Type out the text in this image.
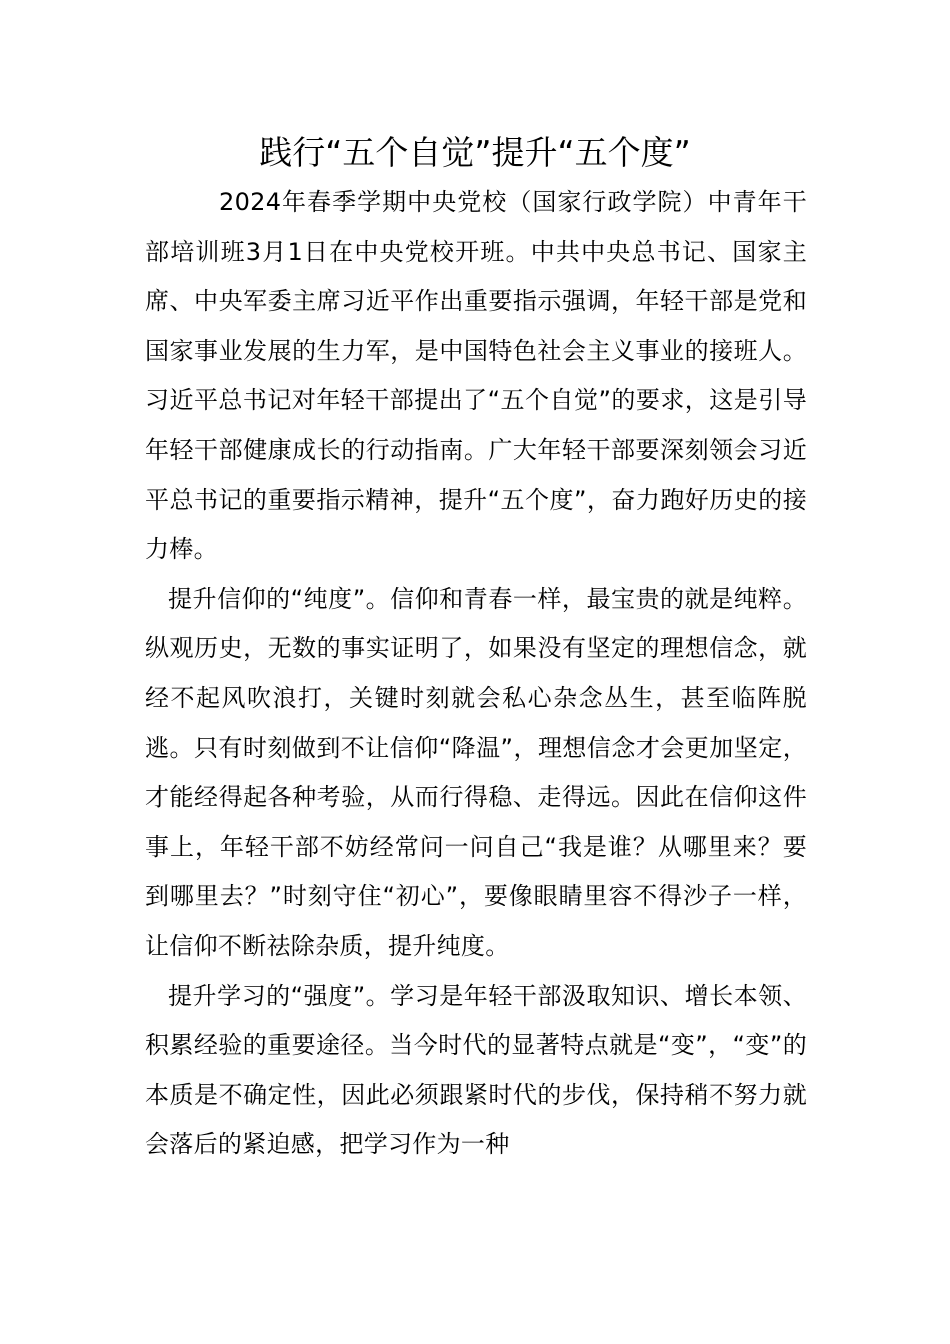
践行“五个自觉”提升“五个度”

2024年春季学期中央党校（国家行政学院）中青年干部培训班3月1日在中央党校开班。中共中央总书记、国家主席、中央军委主席习近平作出重要指示强调，年轻干部是党和国家事业发展的生力军，是中国特色社会主义事业的接班人。习近平总书记对年轻干部提出了“五个自觉”的要求，这是引导年轻干部健康成长的行动指南。广大年轻干部要深刻领会习近平总书记的重要指示精神，提升“五个度”，奋力跑好历史的接力棒。

提升信仰的“纯度”。信仰和青春一样，最宝贵的就是纯粹。纵观历史，无数的事实证明了，如果没有坚定的理想信念，就经不起风吹浪打，关键时刻就会私心杂念丛生，甚至临阵脱逃。只有时刻做到不让信仰“降温”，理想信念才会更加坚定，才能经得起各种考验，从而行得稳、走得远。因此在信仰这件事上，年轻干部不妨经常问一问自己“我是谁？从哪里来？要到哪里去？”时刻守住“初心”，要像眼睛里容不得沙子一样，让信仰不断祛除杂质，提升纯度。

提升学习的“强度”。学习是年轻干部汲取知识、增长本领、积累经验的重要途径。当今时代的显著特点就是“变”，“变”的本质是不确定性，因此必须跟紧时代的步伐，保持稍不努力就会落后的紧迫感，把学习作为一种
